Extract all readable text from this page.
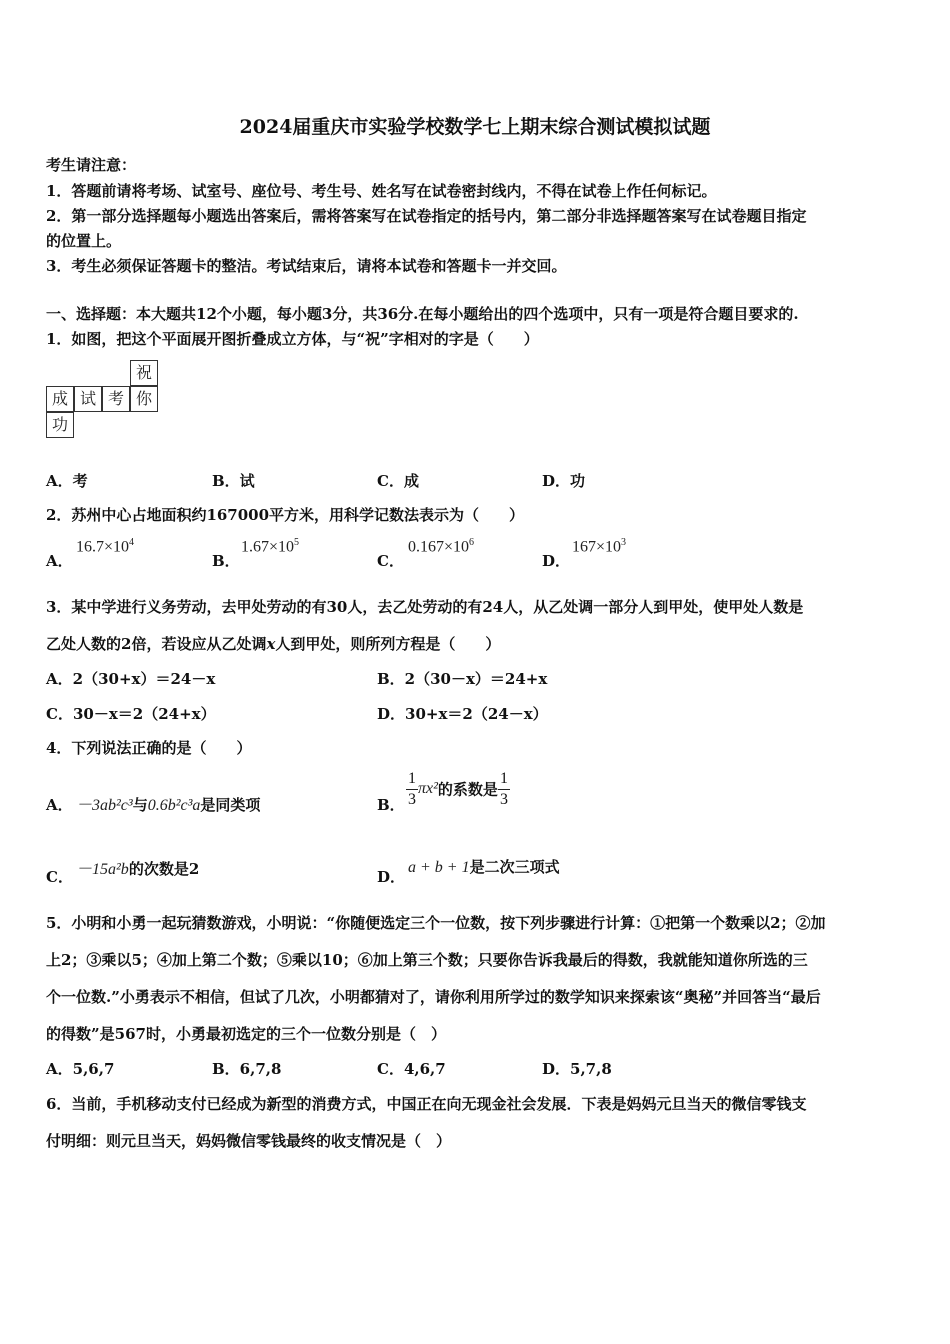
2024届重庆市实验学校数学七上期末综合测试模拟试题
考生请注意：
1．答题前请将考场、试室号、座位号、考生号、姓名写在试卷密封线内，不得在试卷上作任何标记。
2．第一部分选择题每小题选出答案后，需将答案写在试卷指定的括号内，第二部分非选择题答案写在试卷题目指定
的位置上。
3．考生必须保证答题卡的整洁。考试结束后，请将本试卷和答题卡一并交回。
一、选择题：本大题共12个小题，每小题3分，共36分.在每小题给出的四个选项中，只有一项是符合题目要求的.
1．如图，把这个平面展开图折叠成立方体，与“祝”字相对的字是（　　）
祝
成 试 考 你
功
A．考	B．试	C．成	D．功
2．苏州中心占地面积约167000平方米，用科学记数法表示为（　　）
A．
$16.7\times 10^4$
B．
$1.67\times 10^5$
C．
$0.167\times 10^6$
D．
$167\times 10^3$
3．某中学进行义务劳动，去甲处劳动的有30人，去乙处劳动的有24人，从乙处调一部分人到甲处，使甲处人数是
乙处人数的2倍，若设应从乙处调x人到甲处，则所列方程是（　　）
A．2（30+x）＝24－x	B．2（30－x）＝24+x
C．30－x＝2（24+x）	D．30+x＝2（24－x）
4．下列说法正确的是（　　）
A． －3ab²c³与0.6b²c³a是同类项	B． $\frac{1}{3} \pi x^2$的系数是 $\frac{1}{3}$
C． －15a²b的次数是2	D．
a + b + 1是二次三项式
5．小明和小勇一起玩猜数游戏，小明说：“你随便选定三个一位数，按下列步骤进行计算：①把第一个数乘以2；②加
上2；③乘以5；④加上第二个数；⑤乘以10；⑥加上第三个数；只要你告诉我最后的得数，我就能知道你所选的三
个一位数.”小勇表示不相信，但试了几次，小明都猜对了，请你利用所学过的数学知识来探索该“奥秘”并回答当“最后
的得数”是567时，小勇最初选定的三个一位数分别是（　）
A．5,6,7	B．6,7,8	C．4,6,7	D．5,7,8
6．当前，手机移动支付已经成为新型的消费方式，中国正在向无现金社会发展．下表是妈妈元旦当天的微信零钱支
付明细：则元旦当天，妈妈微信零钱最终的收支情况是（　）
